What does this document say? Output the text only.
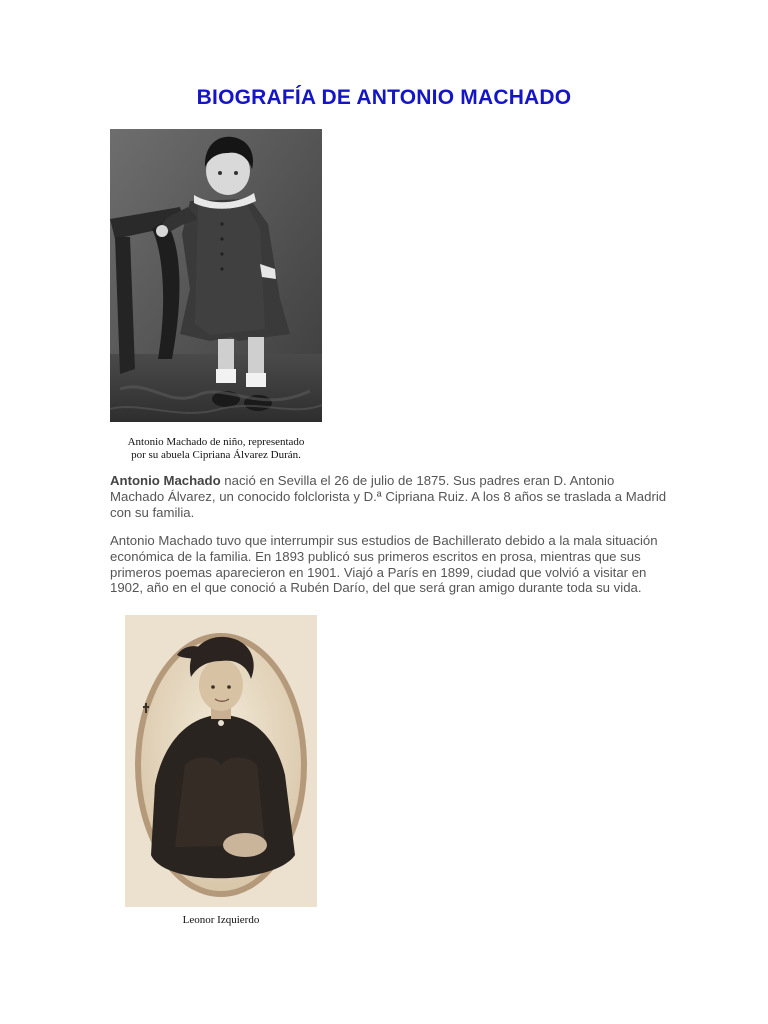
BIOGRAFÍA DE ANTONIO MACHADO
Antonio Machado de niño, representado
por su abuela Cipriana Álvarez Durán.

Antonio Machado nació en Sevilla el 26 de julio de 1875. Sus padres eran D. Antonio Machado Álvarez, un conocido folclorista y D.ª Cipriana Ruiz. A los 8 años se traslada a Madrid con su familia.

Antonio Machado tuvo que interrumpir sus estudios de Bachillerato debido a la mala situación económica de la familia. En 1893 publicó sus primeros escritos en prosa, mientras que sus primeros poemas aparecieron en 1901. Viajó a París en 1899, ciudad que volvió a visitar en 1902, año en el que conoció a Rubén Darío, del que será gran amigo durante toda su vida.

Leonor Izquierdo
